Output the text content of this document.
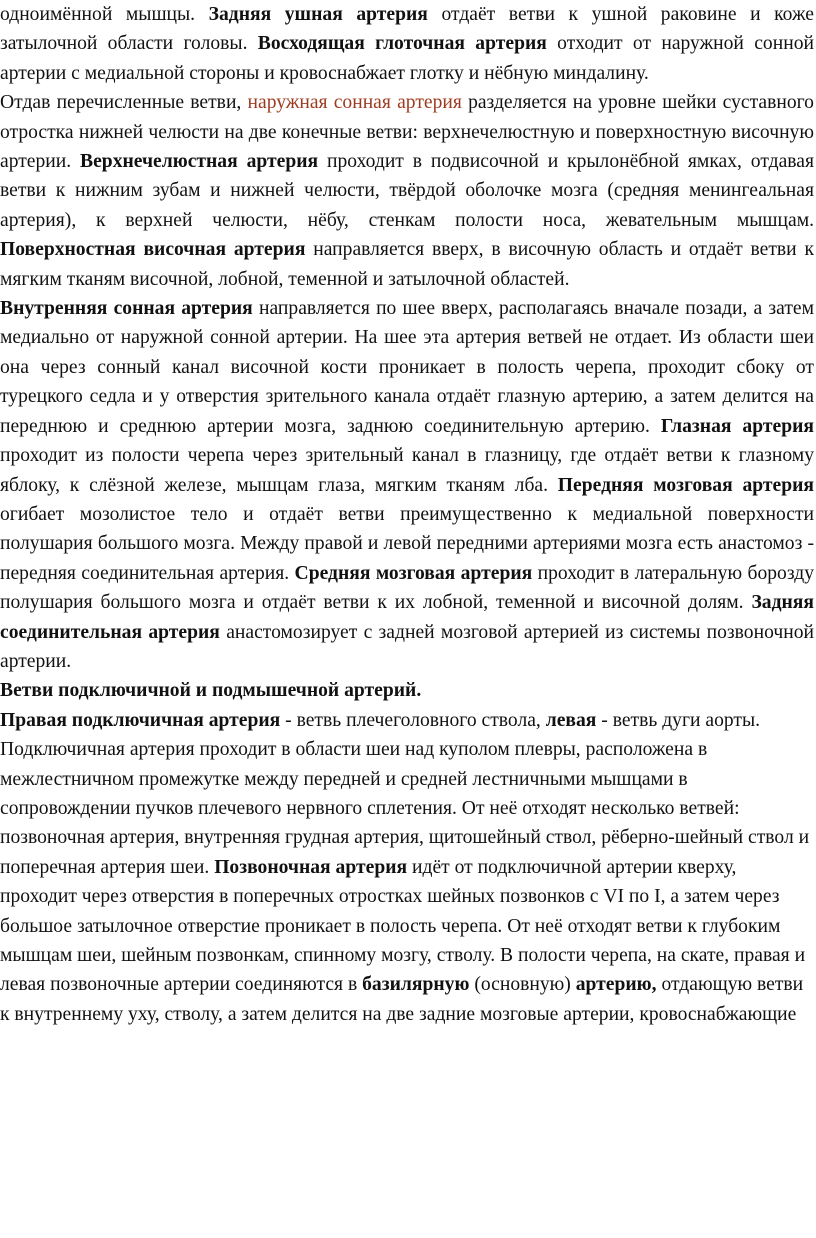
одноимённой мышцы. Задняя ушная артерия отдаёт ветви к ушной раковине и коже затылочной области головы. Восходящая глоточная артерия отходит от наружной сонной артерии с медиальной стороны и кровоснабжает глотку и нёбную миндалину.

Отдав перечисленные ветви, наружная сонная артерия разделяется на уровне шейки суставного отростка нижней челюсти на две конечные ветви: верхнечелюстную и поверхностную височную артерии. Верхнечелюстная артерия проходит в подвисочной и крылонёбной ямках, отдавая ветви к нижним зубам и нижней челюсти, твёрдой оболочке мозга (средняя менингеальная артерия), к верхней челюсти, нёбу, стенкам полости носа, жевательным мышцам. Поверхностная височная артерия направляется вверх, в височную область и отдаёт ветви к мягким тканям височной, лобной, теменной и затылочной областей.

Внутренняя сонная артерия направляется по шее вверх, располагаясь вначале позади, а затем медиально от наружной сонной артерии. На шее эта артерия ветвей не отдает. Из области шеи она через сонный канал височной кости проникает в полость черепа, проходит сбоку от турецкого седла и у отверстия зрительного канала отдаёт глазную артерию, а затем делится на переднюю и среднюю артерии мозга, заднюю соединительную артерию. Глазная артерия проходит из полости черепа через зрительный канал в глазницу, где отдаёт ветви к глазному яблоку, к слёзной железе, мышцам глаза, мягким тканям лба. Передняя мозговая артерия огибает мозолистое тело и отдаёт ветви преимущественно к медиальной поверхности полушария большого мозга. Между правой и левой передними артериями мозга есть анастомоз - передняя соединительная артерия. Средняя мозговая артерия проходит в латеральную борозду полушария большого мозга и отдаёт ветви к их лобной, теменной и височной долям. Задняя соединительная артерия анастомозирует с задней мозговой артерией из системы позвоночной артерии.

Ветви подключичной и подмышечной артерий.

Правая подключичная артерия - ветвь плечеголовного ствола, левая - ветвь дуги аорты. Подключичная артерия проходит в области шеи над куполом плевры, расположена в межлестничном промежутке между передней и средней лестничными мышцами в сопровождении пучков плечевого нервного сплетения. От неё отходят несколько ветвей: позвоночная артерия, внутренняя грудная артерия, щитошейный ствол, рёберно-шейный ствол и поперечная артерия шеи. Позвоночная артерия идёт от подключичной артерии кверху, проходит через отверстия в поперечных отростках шейных позвонков с VI по I, а затем через большое затылочное отверстие проникает в полость черепа. От неё отходят ветви к глубоким мышцам шеи, шейным позвонкам, спинному мозгу, стволу. В полости черепа, на скате, правая и левая позвоночные артерии соединяются в базилярную (основную) артерию, отдающую ветви к внутреннему уху, стволу, а затем делится на две задние мозговые артерии, кровоснабжающие
